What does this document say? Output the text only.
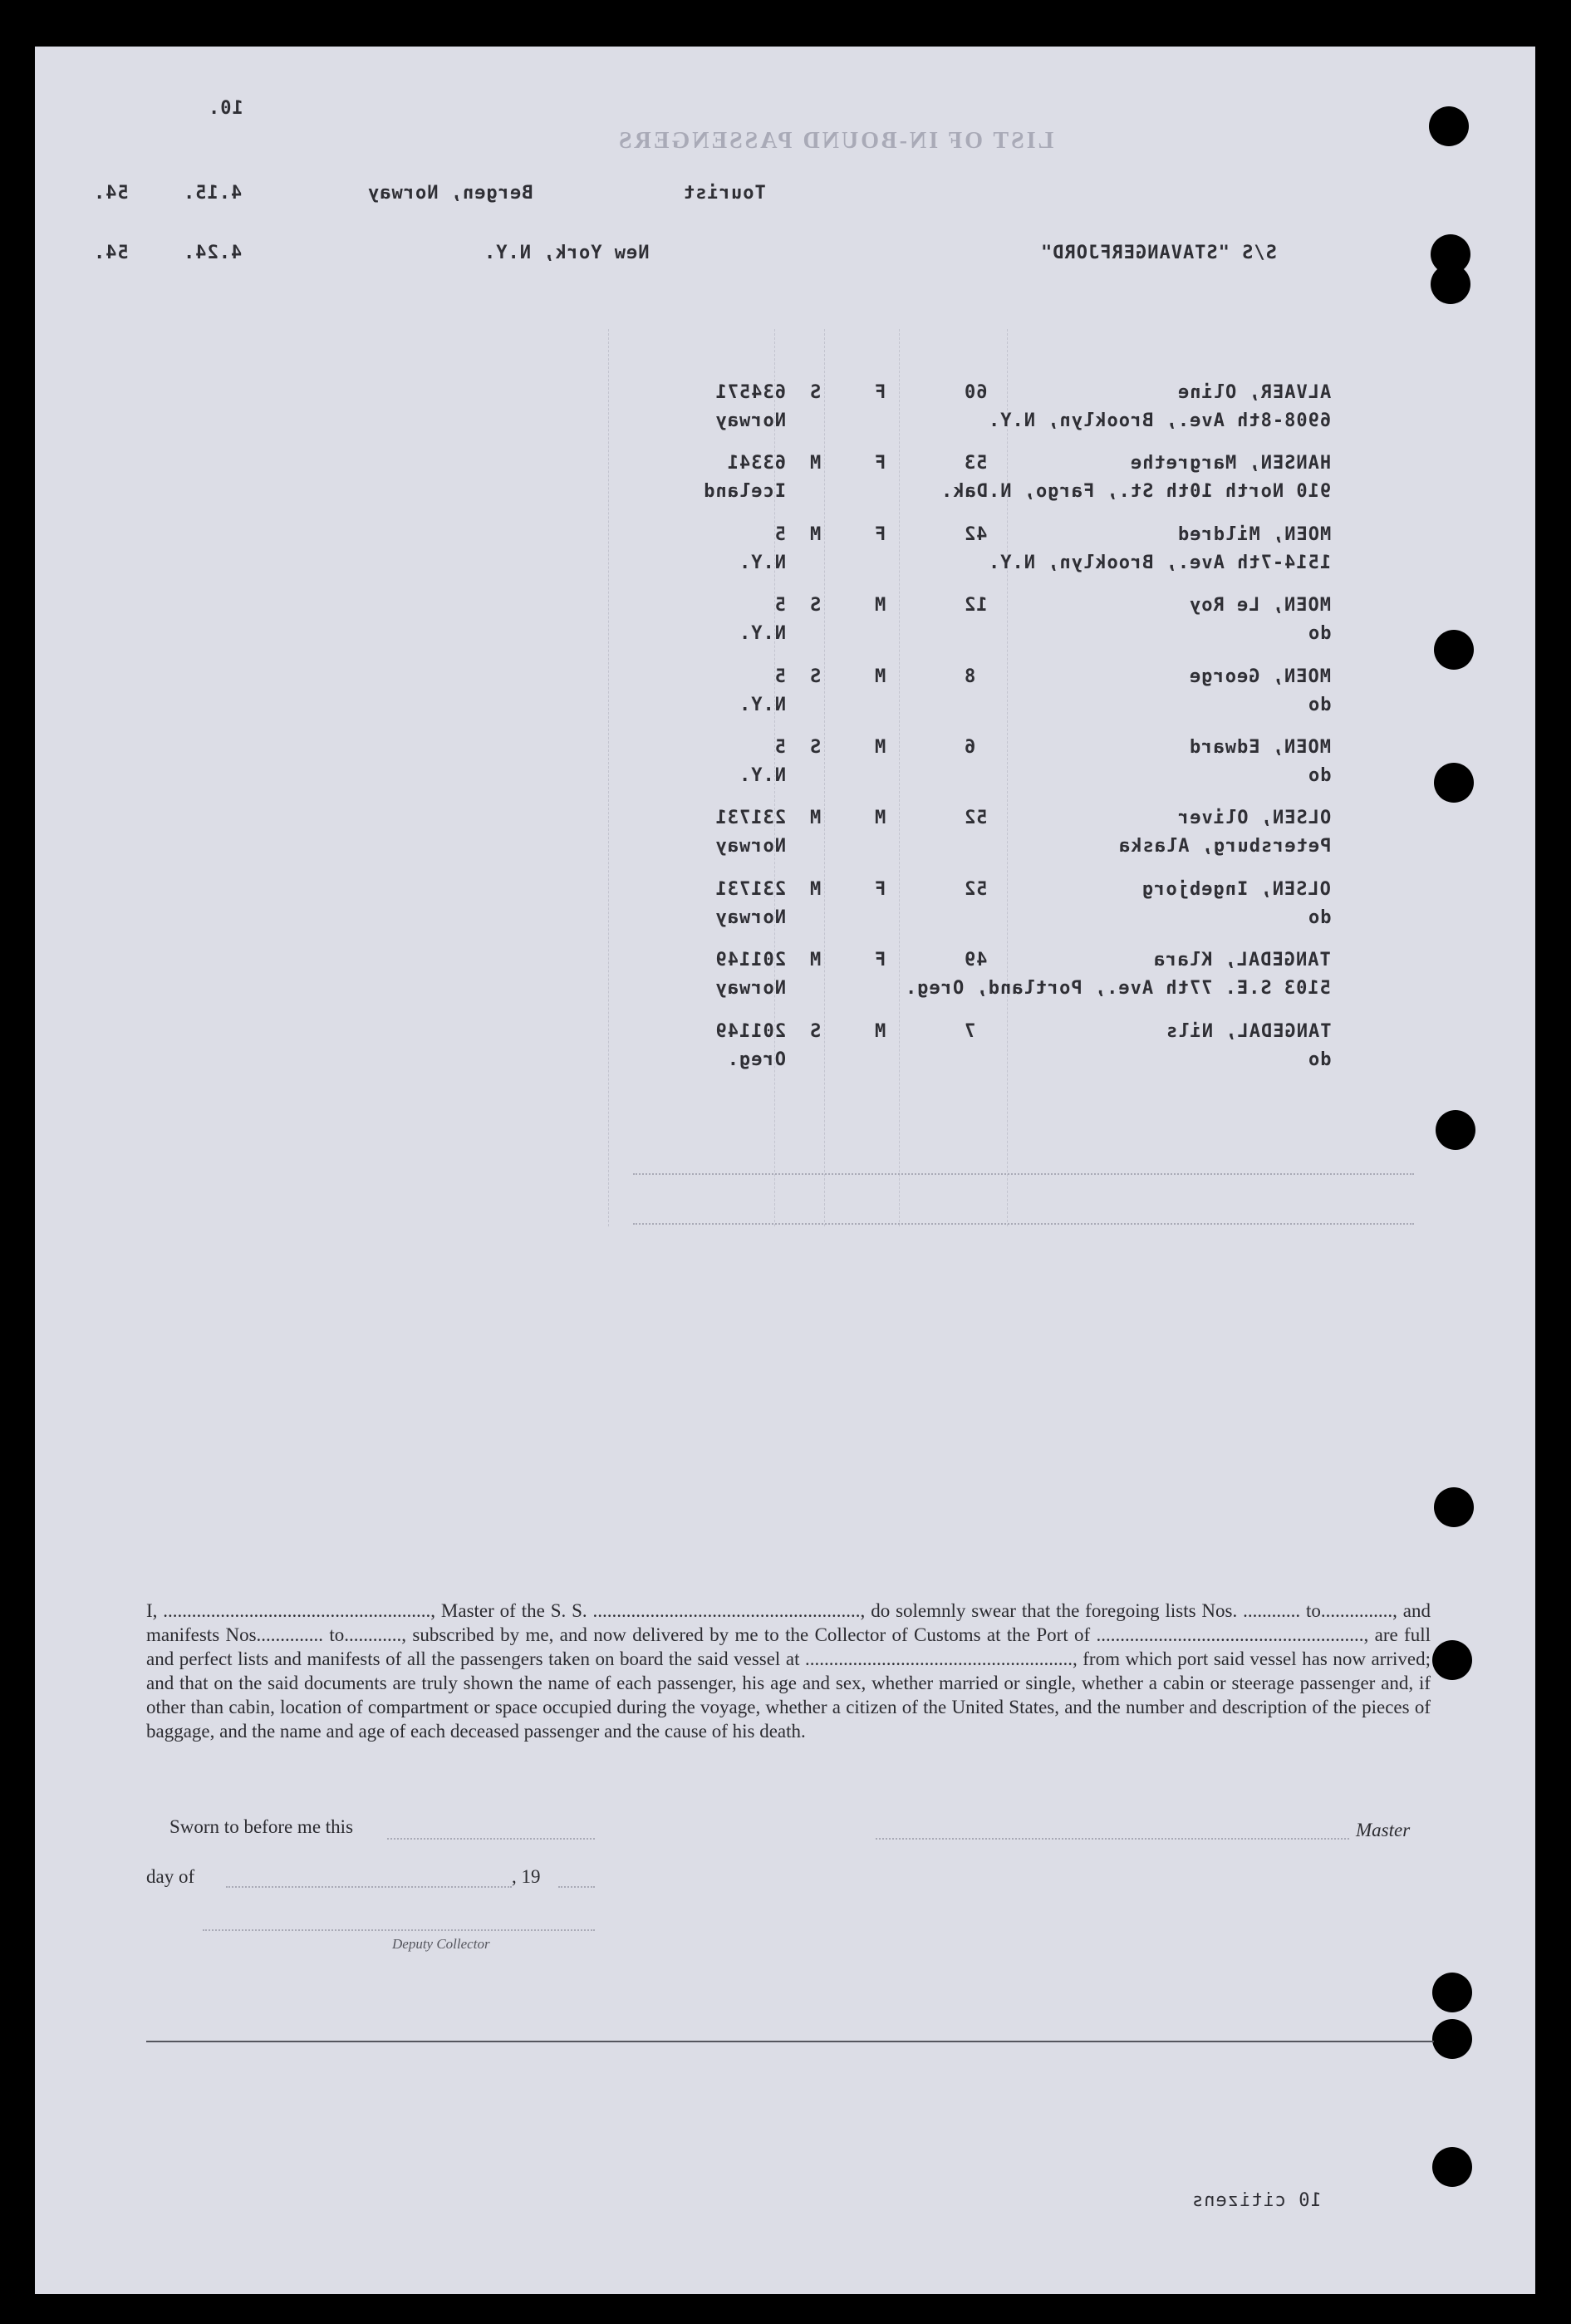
LIST OF IN-BOUND PASSENGERS
10.
54.	4.15.	Bergen, Norway	Tourist
54.	4.24.	New York, N.Y.	S/S "STAVANGERFJORD"
634571 S	F	60	ALVAER, Oline
Norway	6908-8th Ave., Brooklyn, N.Y.
63341 M	F	53	HANSEN, Margrethe
Iceland	910 North 10th St., Fargo, N.Dak.
5 M	F	42	MOEN, Mildred
N.Y.	1514-7th Ave., Brooklyn, N.Y.
5 S	M	12	MOEN, Le Roy
N.Y.	do
5 S	M	8	MOEN, George
N.Y.	do
5 S	M	6	MOEN, Edward
N.Y.	do
231731 M	M	52	OLSEN, Oliver
Norway	Petersburg, Alaska
231731 M	F	52	OLSEN, Ingebjorg
Norway	do
201149 M	F	49	TANGEDAL, Klara
Norway	5103 S.E. 77th Ave., Portland, Oreg.
201149 S	M	7	TANGEDAL, Nils
Oreg.	do

I, ........................................................, Master of the S. S. ........................................................, do solemnly swear that the foregoing lists Nos. ............ to..............., and manifests Nos.............. to............, subscribed by me, and now delivered by me to the Collector of Customs at the Port of ........................................................, are full and perfect lists and manifests of all the passengers taken on board the said vessel at ........................................................, from which port said vessel has now arrived; and that on the said documents are truly shown the name of each passenger, his age and sex, whether married or single, whether a cabin or steerage passenger and, if other than cabin, location of compartment or space occupied during the voyage, whether a citizen of the United States, and the number and description of the pieces of baggage, and the name and age of each deceased passenger and the cause of his death.

Sworn to before me this	Master
day of	, 19
Deputy Collector
10 citizens
